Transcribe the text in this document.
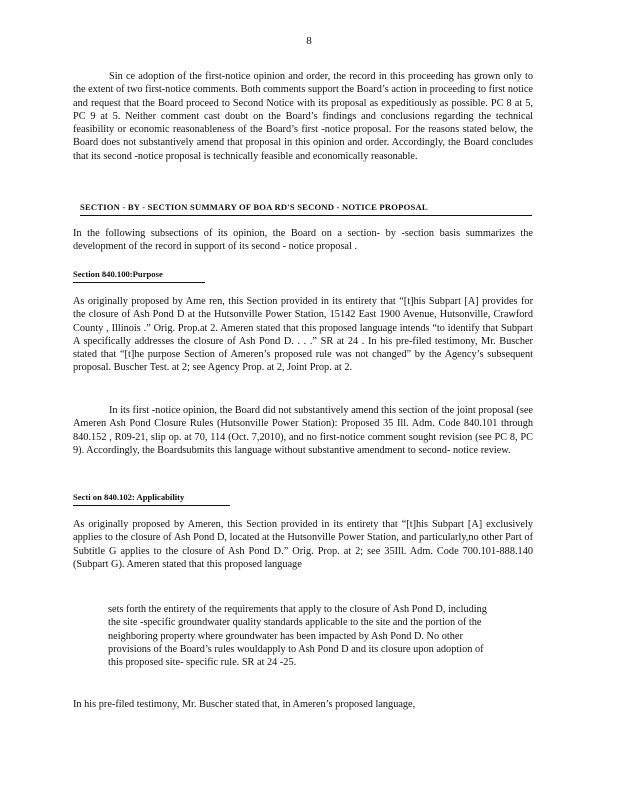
8

Sin ce adoption of the first-notice opinion and order, the record in this proceeding has grown only to the extent of two first-notice comments. Both comments support the Board’s action in proceeding to first notice and request that the Board proceed to Second Notice with its proposal as expeditiously as possible. PC 8 at 5, PC 9 at 5. Neither comment cast doubt on the Board’s findings and conclusions regarding the technical feasibility or economic reasonableness of the Board’s first -notice proposal. For the reasons stated below, the Board does not substantively amend that proposal in this opinion and order. Accordingly, the Board concludes that its second -notice proposal is technically feasible and economically reasonable.

SECTION - BY - SECTION SUMMARY OF BOA RD'S SECOND - NOTICE PROPOSAL

In the following subsections of its opinion, the Board on a section- by -section basis summarizes the development of the record in support of its second - notice proposal .

Section 840.100:Purpose

As originally proposed by Ame ren, this Section provided in its entirety that “[t]his Subpart [A] provides for the closure of Ash Pond D at the Hutsonville Power Station, 15142 East 1900 Avenue, Hutsonville, Crawford County , Illinois .” Orig. Prop.at 2. Ameren stated that this proposed language intends “to identify that Subpart A specifically addresses the closure of Ash Pond D. . . .” SR at 24 . In his pre-filed testimony, Mr. Buscher stated that “[t]he purpose Section of Ameren’s proposed rule was not changed” by the Agency’s subsequent proposal. Buscher Test. at 2; see Agency Prop. at 2, Joint Prop. at 2.

In its first -notice opinion, the Board did not substantively amend this section of the joint proposal (see Ameren Ash Pond Closure Rules (Hutsonville Power Station): Proposed 35 Ill. Adm. Code 840.101 through 840.152 , R09-21, slip op. at 70, 114 (Oct. 7,2010), and no first-notice comment sought revision (see PC 8, PC 9). Accordingly, the Boardsubmits this language without substantive amendment to second- notice review.

Secti on 840.102: Applicability

As originally proposed by Ameren, this Section provided in its entirety that “[t]his Subpart [A] exclusively applies to the closure of Ash Pond D, located at the Hutsonville Power Station, and particularly,no other Part of Subtitle G applies to the closure of Ash Pond D.” Orig. Prop. at 2; see 35Ill. Adm. Code 700.101-888.140 (Subpart G). Ameren stated that this proposed language

sets forth the entirety of the requirements that apply to the closure of Ash Pond D, including the site -specific groundwater quality standards applicable to the site and the portion of the neighboring property where groundwater has been impacted by Ash Pond D. No other provisions of the Board’s rules wouldapply to Ash Pond D and its closure upon adoption of this proposed site- specific rule. SR at 24 -25.

In his pre-filed testimony, Mr. Buscher stated that, in Ameren’s proposed language,
